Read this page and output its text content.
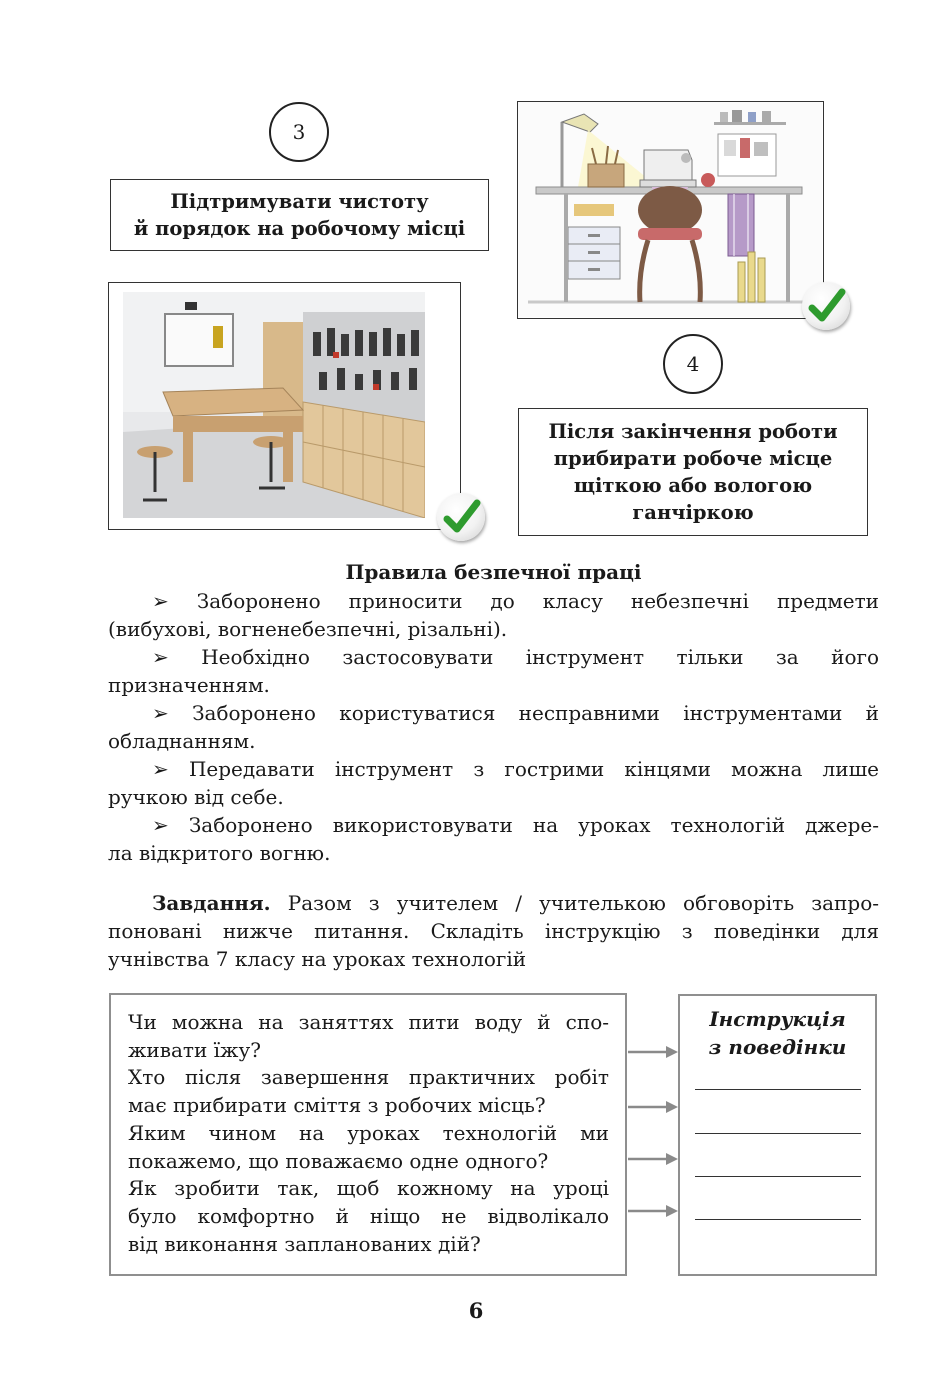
3
Підтримувати чистоту
й порядок на робочому місці
4
Після закінчення роботи
прибирати робоче місце
щіткою або вологою
ганчіркою
Правила безпечної праці
➢ Заборонено приносити до класу небезпечні предмети
(вибухові, вогненебезпечні, різальні).
➢ Необхідно застосовувати інструмент тільки за його
призначенням.
➢ Заборонено користуватися несправними інструментами й
обладнанням.
➢ Передавати інструмент з гострими кінцями можна лише
ручкою від себе.
➢ Заборонено використовувати на уроках технологій джере-
ла відкритого вогню.
Завдання. Разом з учителем / учителькою обговоріть запро-
поновані нижче питання. Складіть інструкцію з поведінки для
учнівства 7 класу на уроках технологій
Чи можна на заняттях пити воду й спо-
живати їжу?
Хто після завершення практичних робіт
має прибирати сміття з робочих місць?
Яким чином на уроках технологій ми
покажемо, що поважаємо одне одного?
Як зробити так, щоб кожному на уроці
було комфортно й ніщо не відволікало
від виконання запланованих дій?
Інструкція
з поведінки
6
